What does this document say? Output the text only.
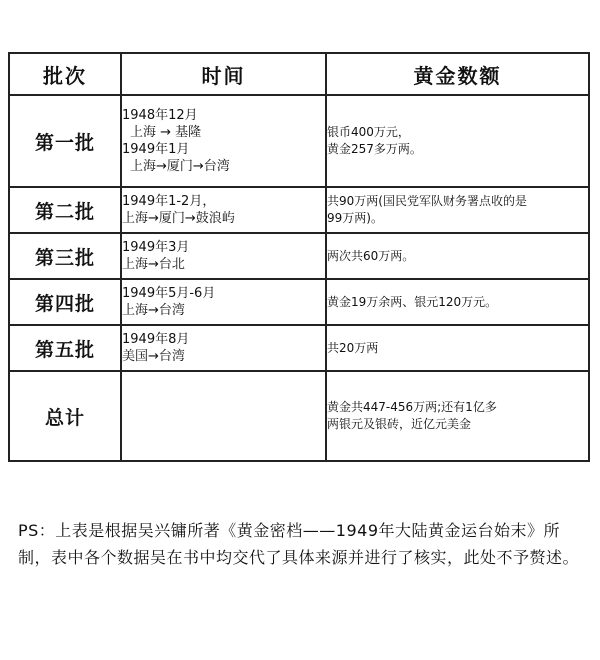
批次	时间	黄金数额
第一批	1948年12月
上海 → 基隆
1949年1月
上海→厦门→台湾	银币400万元，
黄金257多万两。

第二批	1949年1-2月，
上海→厦门→鼓浪屿	共90万两(国民党军队财务署点收的是
99万两)。

第三批	1949年3月
上海→台北	两次共60万两。

第四批	1949年5月-6月
上海→台湾	黄金19万余两、银元120万元。

第五批	1949年8月
美国→台湾	共20万两

总计		黄金共447-456万两;还有1亿多
两银元及银砖，近亿元美金
PS：上表是根据吴兴镛所著《黄金密档——1949年大陆黄金运台始末》所制，表中各个数据吴在书中均交代了具体来源并进行了核实，此处不予赘述。
